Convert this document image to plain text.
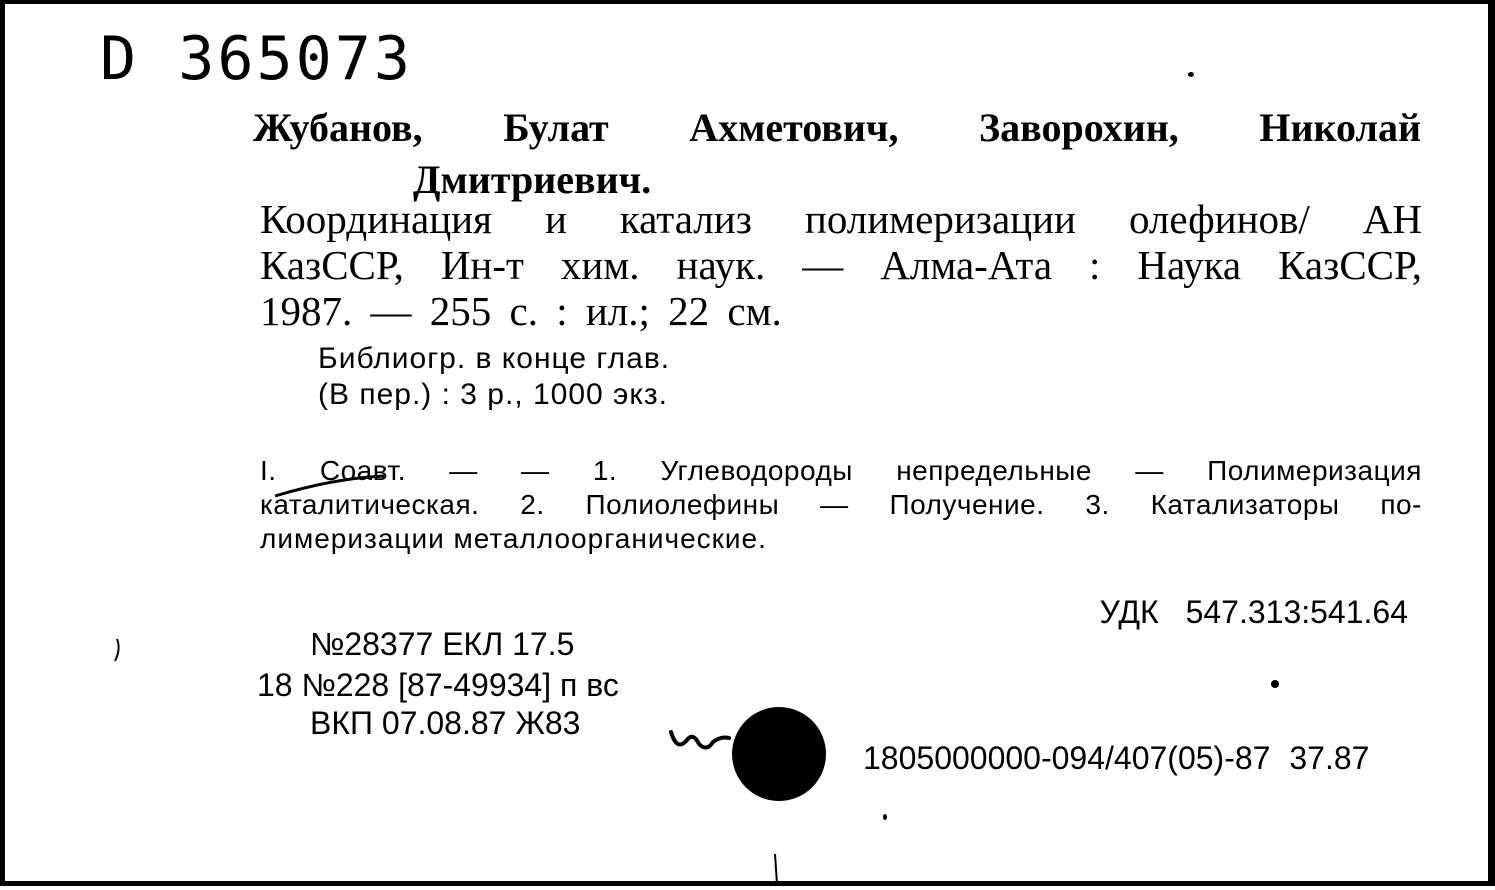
D 365073
Жубанов, Булат Ахметович, Заворохин, Николай
Дмитриевич.
Координация и катализ полимеризации олефинов/ АН
КазССР, Ин-т хим. наук. — Алма-Ата : Наука КазССР,
1987. — 255 с. : ил.; 22 см.
Библиогр. в конце глав.
(В пер.) : 3 р., 1000 экз.
I. Соавт. — — 1. Углеводороды непредельные — Полимеризация
каталитическая. 2. Полиолефины — Получение. 3. Катализаторы по-
лимеризации металлоорганические.
УДК 547.313:541.64
№28377 ЕКЛ 17.5
18 №228 [87-49934] п вс
ВКП 07.08.87 Ж83
1805000000-094/407(05)-87 37.87
